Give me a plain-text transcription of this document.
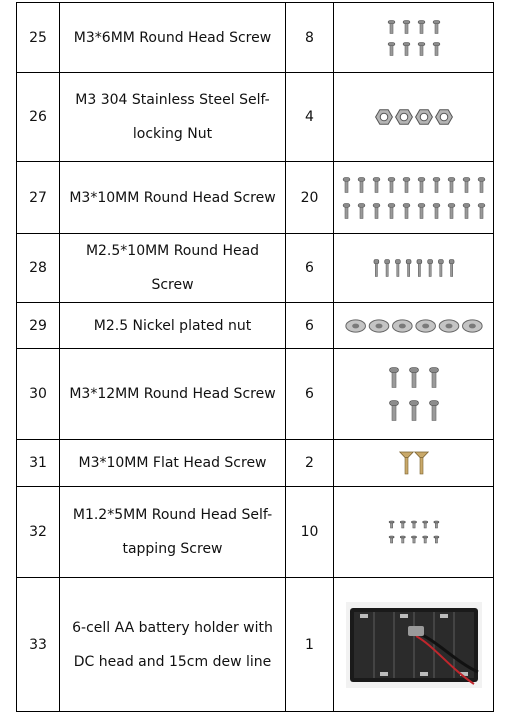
25	M3*6MM Round Head Screw	8	

26	M3 304 Stainless Steel Self-locking Nut	4	

27	M3*10MM Round Head Screw	20	

28	M2.5*10MM Round Head Screw	6	

29	M2.5 Nickel plated nut	6	

30	M3*12MM Round Head Screw	6	

31	M3*10MM Flat Head Screw	2	

32	M1.2*5MM Round Head Self-tapping Screw	10	

33	6-cell AA battery holder with DC head and 15cm dew line	1	
